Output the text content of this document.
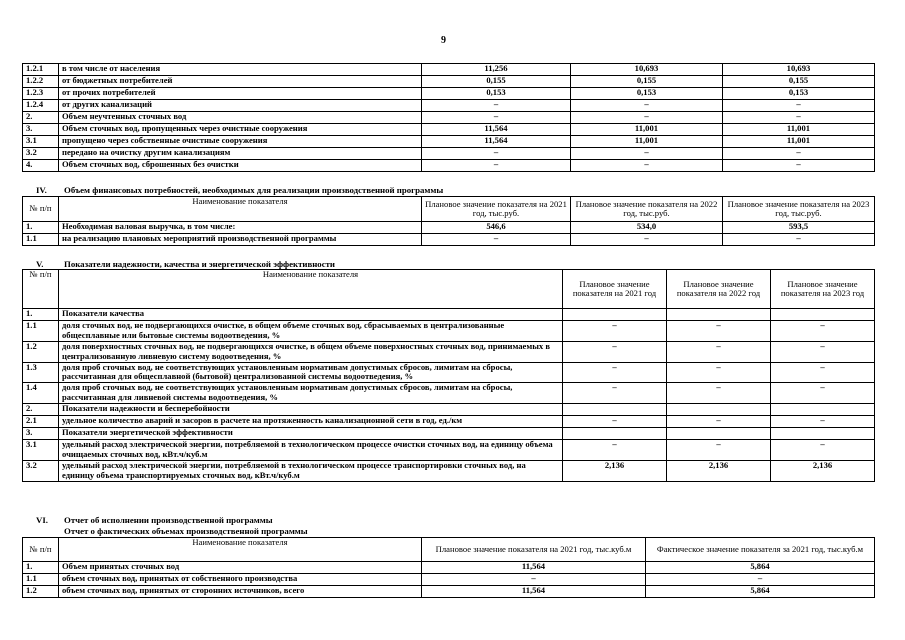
9
1.2.1	в том числе от населения	11,256	10,693	10,693
1.2.2	от бюджетных потребителей	0,155	0,155	0,155
1.2.3	от прочих потребителей	0,153	0,153	0,153
1.2.4	от других канализаций	–	–	–
2.	Объем неучтенных сточных вод	–	–	–
3.	Объем сточных вод, пропущенных через очистные сооружения	11,564	11,001	11,001
3.1	пропущено через собственные очистные сооружения	11,564	11,001	11,001
3.2	передано на очистку другим канализациям	–	–	–
4.	Объем сточных вод, сброшенных без очистки	–	–	–
IV. Объем финансовых потребностей, необходимых для реализации производственной программы
№ п/п	Наименование показателя	Плановое значение показателя на 2021 год, тыс.руб.	Плановое значение показателя на 2022 год, тыс.руб.	Плановое значение показателя на 2023 год, тыс.руб.
1.	Необходимая валовая выручка, в том числе:	546,6	534,0	593,5
1.1	на реализацию плановых мероприятий производственной программы	–	–	–
V. Показатели надежности, качества и энергетической эффективности
№ п/п	Наименование показателя	Плановое значение показателя на 2021 год	Плановое значение показателя на 2022 год	Плановое значение показателя на 2023 год
1.	Показатели качества			
1.1	доля сточных вод, не подвергающихся очистке, в общем объеме сточных вод, сбрасываемых в централизованные общесплавные или бытовые системы водоотведения, %	–	–	–
1.2	доля поверхностных сточных вод, не подвергающихся очистке, в общем объеме поверхностных сточных вод, принимаемых в централизованную ливневую систему водоотведения, %	–	–	–
1.3	доля проб сточных вод, не соответствующих установленным нормативам допустимых сбросов, лимитам на сбросы, рассчитанная для общесплавной (бытовой) централизованной системы водоотведения, %	–	–	–
1.4	доля проб сточных вод, не соответствующих установленным нормативам допустимых сбросов, лимитам на сбросы, рассчитанная для ливневой системы водоотведения, %	–	–	–
2.	Показатели надежности и бесперебойности			
2.1	удельное количество аварий и засоров в расчете на протяженность канализационной сети в год, ед./км	–	–	–
3.	Показатели энергетической эффективности			
3.1	удельный расход электрической энергии, потребляемой в технологическом процессе очистки сточных вод, на единицу объема очищаемых сточных вод, кВт.ч/куб.м	–	–	–
3.2	удельный расход электрической энергии, потребляемой в технологическом процессе транспортировки сточных вод, на единицу объема транспортируемых сточных вод, кВт.ч/куб.м	2,136	2,136	2,136
VI. Отчет об исполнении производственной программы
Отчет о фактических объемах производственной программы
№ п/п	Наименование показателя	Плановое значение показателя на 2021 год, тыс.куб.м	Фактическое значение показателя за 2021 год, тыс.куб.м
1.	Объем принятых сточных вод	11,564	5,864
1.1	объем сточных вод, принятых от собственного производства	–	–
1.2	объем сточных вод, принятых от сторонних источников, всего	11,564	5,864
